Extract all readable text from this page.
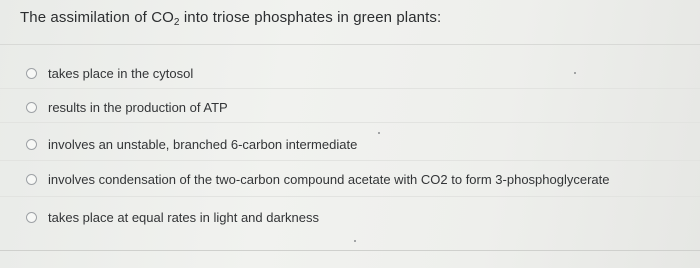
The assimilation of $CO_2$ into triose phosphates in green plants:
takes place in the cytosol
results in the production of ATP
involves an unstable, branched 6-carbon intermediate
involves condensation of the two-carbon compound acetate with CO2 to form 3-phosphoglycerate
takes place at equal rates in light and darkness
